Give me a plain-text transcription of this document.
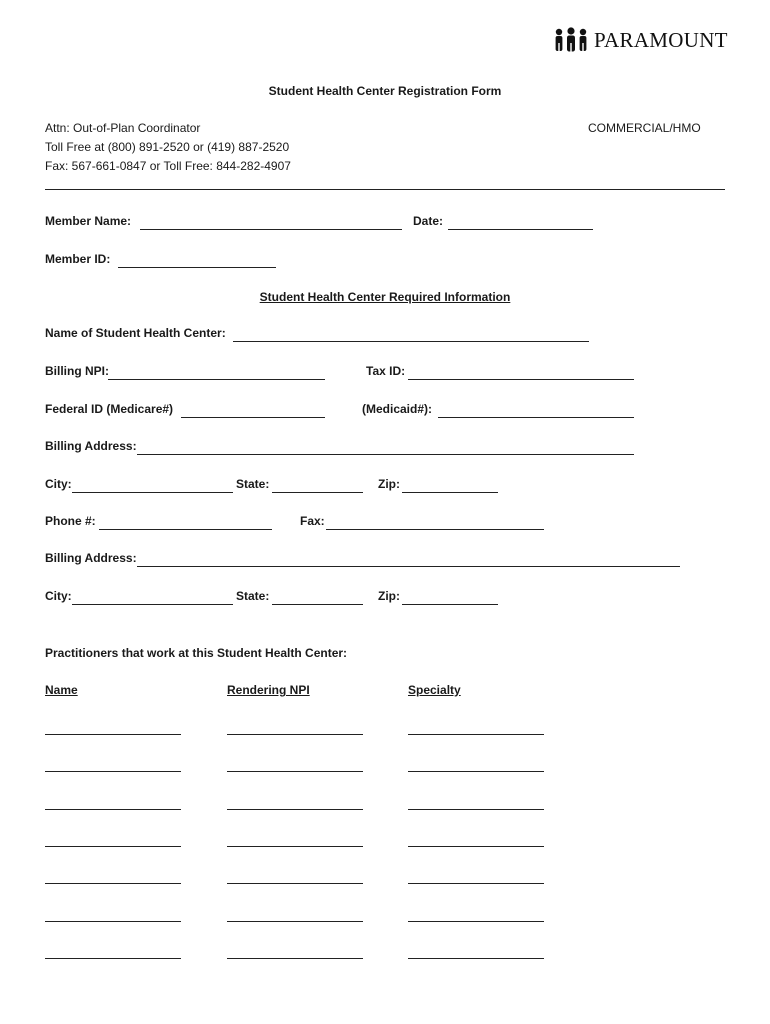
PARAMOUNT
Student Health Center Registration Form
Attn: Out-of-Plan Coordinator
Toll Free at (800) 891-2520 or (419) 887-2520
Fax: 567-661-0847 or Toll Free: 844-282-4907
COMMERCIAL/HMO
Member Name:	Date:
Member ID:
Student Health Center Required Information
Name of Student Health Center:
Billing NPI:	Tax ID:
Federal ID (Medicare#)	(Medicaid#):
Billing Address:
City:	State:	Zip:
Phone #:	Fax:
Billing Address:
City:	State:	Zip:
Practitioners that work at this Student Health Center:
Name	Rendering NPI	Specialty
